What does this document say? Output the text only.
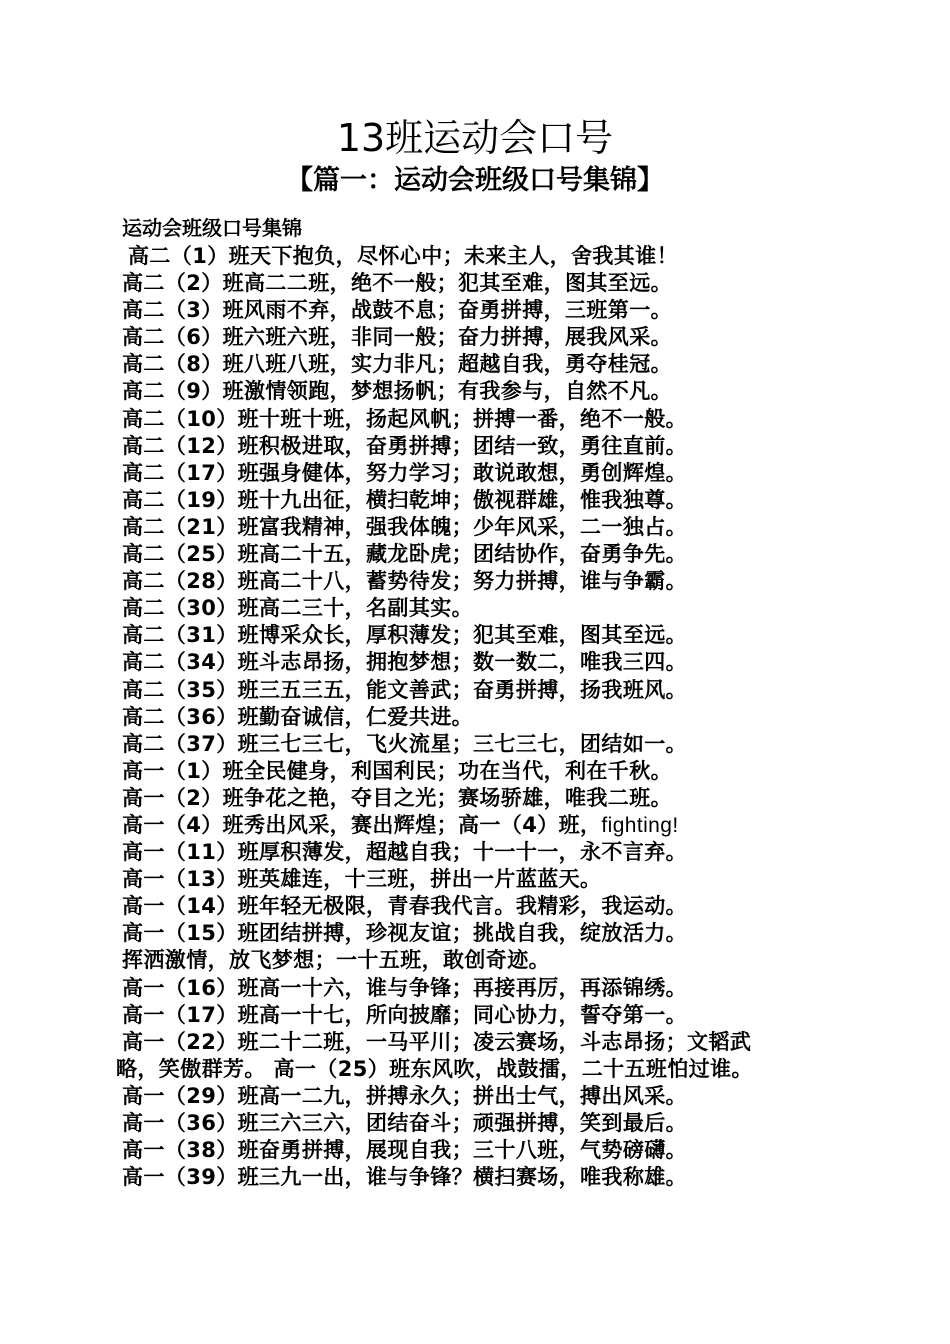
13班运动会口号
【篇一：运动会班级口号集锦】
运动会班级口号集锦
高二（1）班天下抱负，尽怀心中；未来主人，舍我其谁！
高二（2）班高二二班，绝不一般；犯其至难，图其至远。
高二（3）班风雨不弃，战鼓不息；奋勇拼搏，三班第一。
高二（6）班六班六班，非同一般；奋力拼搏，展我风采。
高二（8）班八班八班，实力非凡；超越自我，勇夺桂冠。
高二（9）班激情领跑，梦想扬帆；有我参与，自然不凡。
高二（10）班十班十班，扬起风帆；拼搏一番，绝不一般。
高二（12）班积极进取，奋勇拼搏；团结一致，勇往直前。
高二（17）班强身健体，努力学习；敢说敢想，勇创辉煌。
高二（19）班十九出征，横扫乾坤；傲视群雄，惟我独尊。
高二（21）班富我精神，强我体魄；少年风采，二一独占。
高二（25）班高二十五，藏龙卧虎；团结协作，奋勇争先。
高二（28）班高二十八，蓄势待发；努力拼搏，谁与争霸。
高二（30）班高二三十，名副其实。
高二（31）班博采众长，厚积薄发；犯其至难，图其至远。
高二（34）班斗志昂扬，拥抱梦想；数一数二，唯我三四。
高二（35）班三五三五，能文善武；奋勇拼搏，扬我班风。
高二（36）班勤奋诚信，仁爱共进。
高二（37）班三七三七，飞火流星；三七三七，团结如一。
高一（1）班全民健身，利国利民；功在当代，利在千秋。
高一（2）班争花之艳，夺目之光；赛场骄雄，唯我二班。
高一（4）班秀出风采，赛出辉煌；高一（4）班，fighting!
高一（11）班厚积薄发，超越自我；十一十一，永不言弃。
高一（13）班英雄连，十三班，拼出一片蓝蓝天。
高一（14）班年轻无极限，青春我代言。我精彩，我运动。
高一（15）班团结拼搏，珍视友谊；挑战自我，绽放活力。
挥洒激情，放飞梦想；一十五班，敢创奇迹。
高一（16）班高一十六，谁与争锋；再接再厉，再添锦绣。
高一（17）班高一十七，所向披靡；同心协力，誓夺第一。
高一（22）班二十二班，一马平川；凌云赛场，斗志昂扬；文韬武
略，笑傲群芳。 高一（25）班东风吹，战鼓擂，二十五班怕过谁。
高一（29）班高一二九，拼搏永久；拼出士气，搏出风采。
高一（36）班三六三六，团结奋斗；顽强拼搏，笑到最后。
高一（38）班奋勇拼搏，展现自我；三十八班，气势磅礴。
高一（39）班三九一出，谁与争锋？横扫赛场，唯我称雄。
